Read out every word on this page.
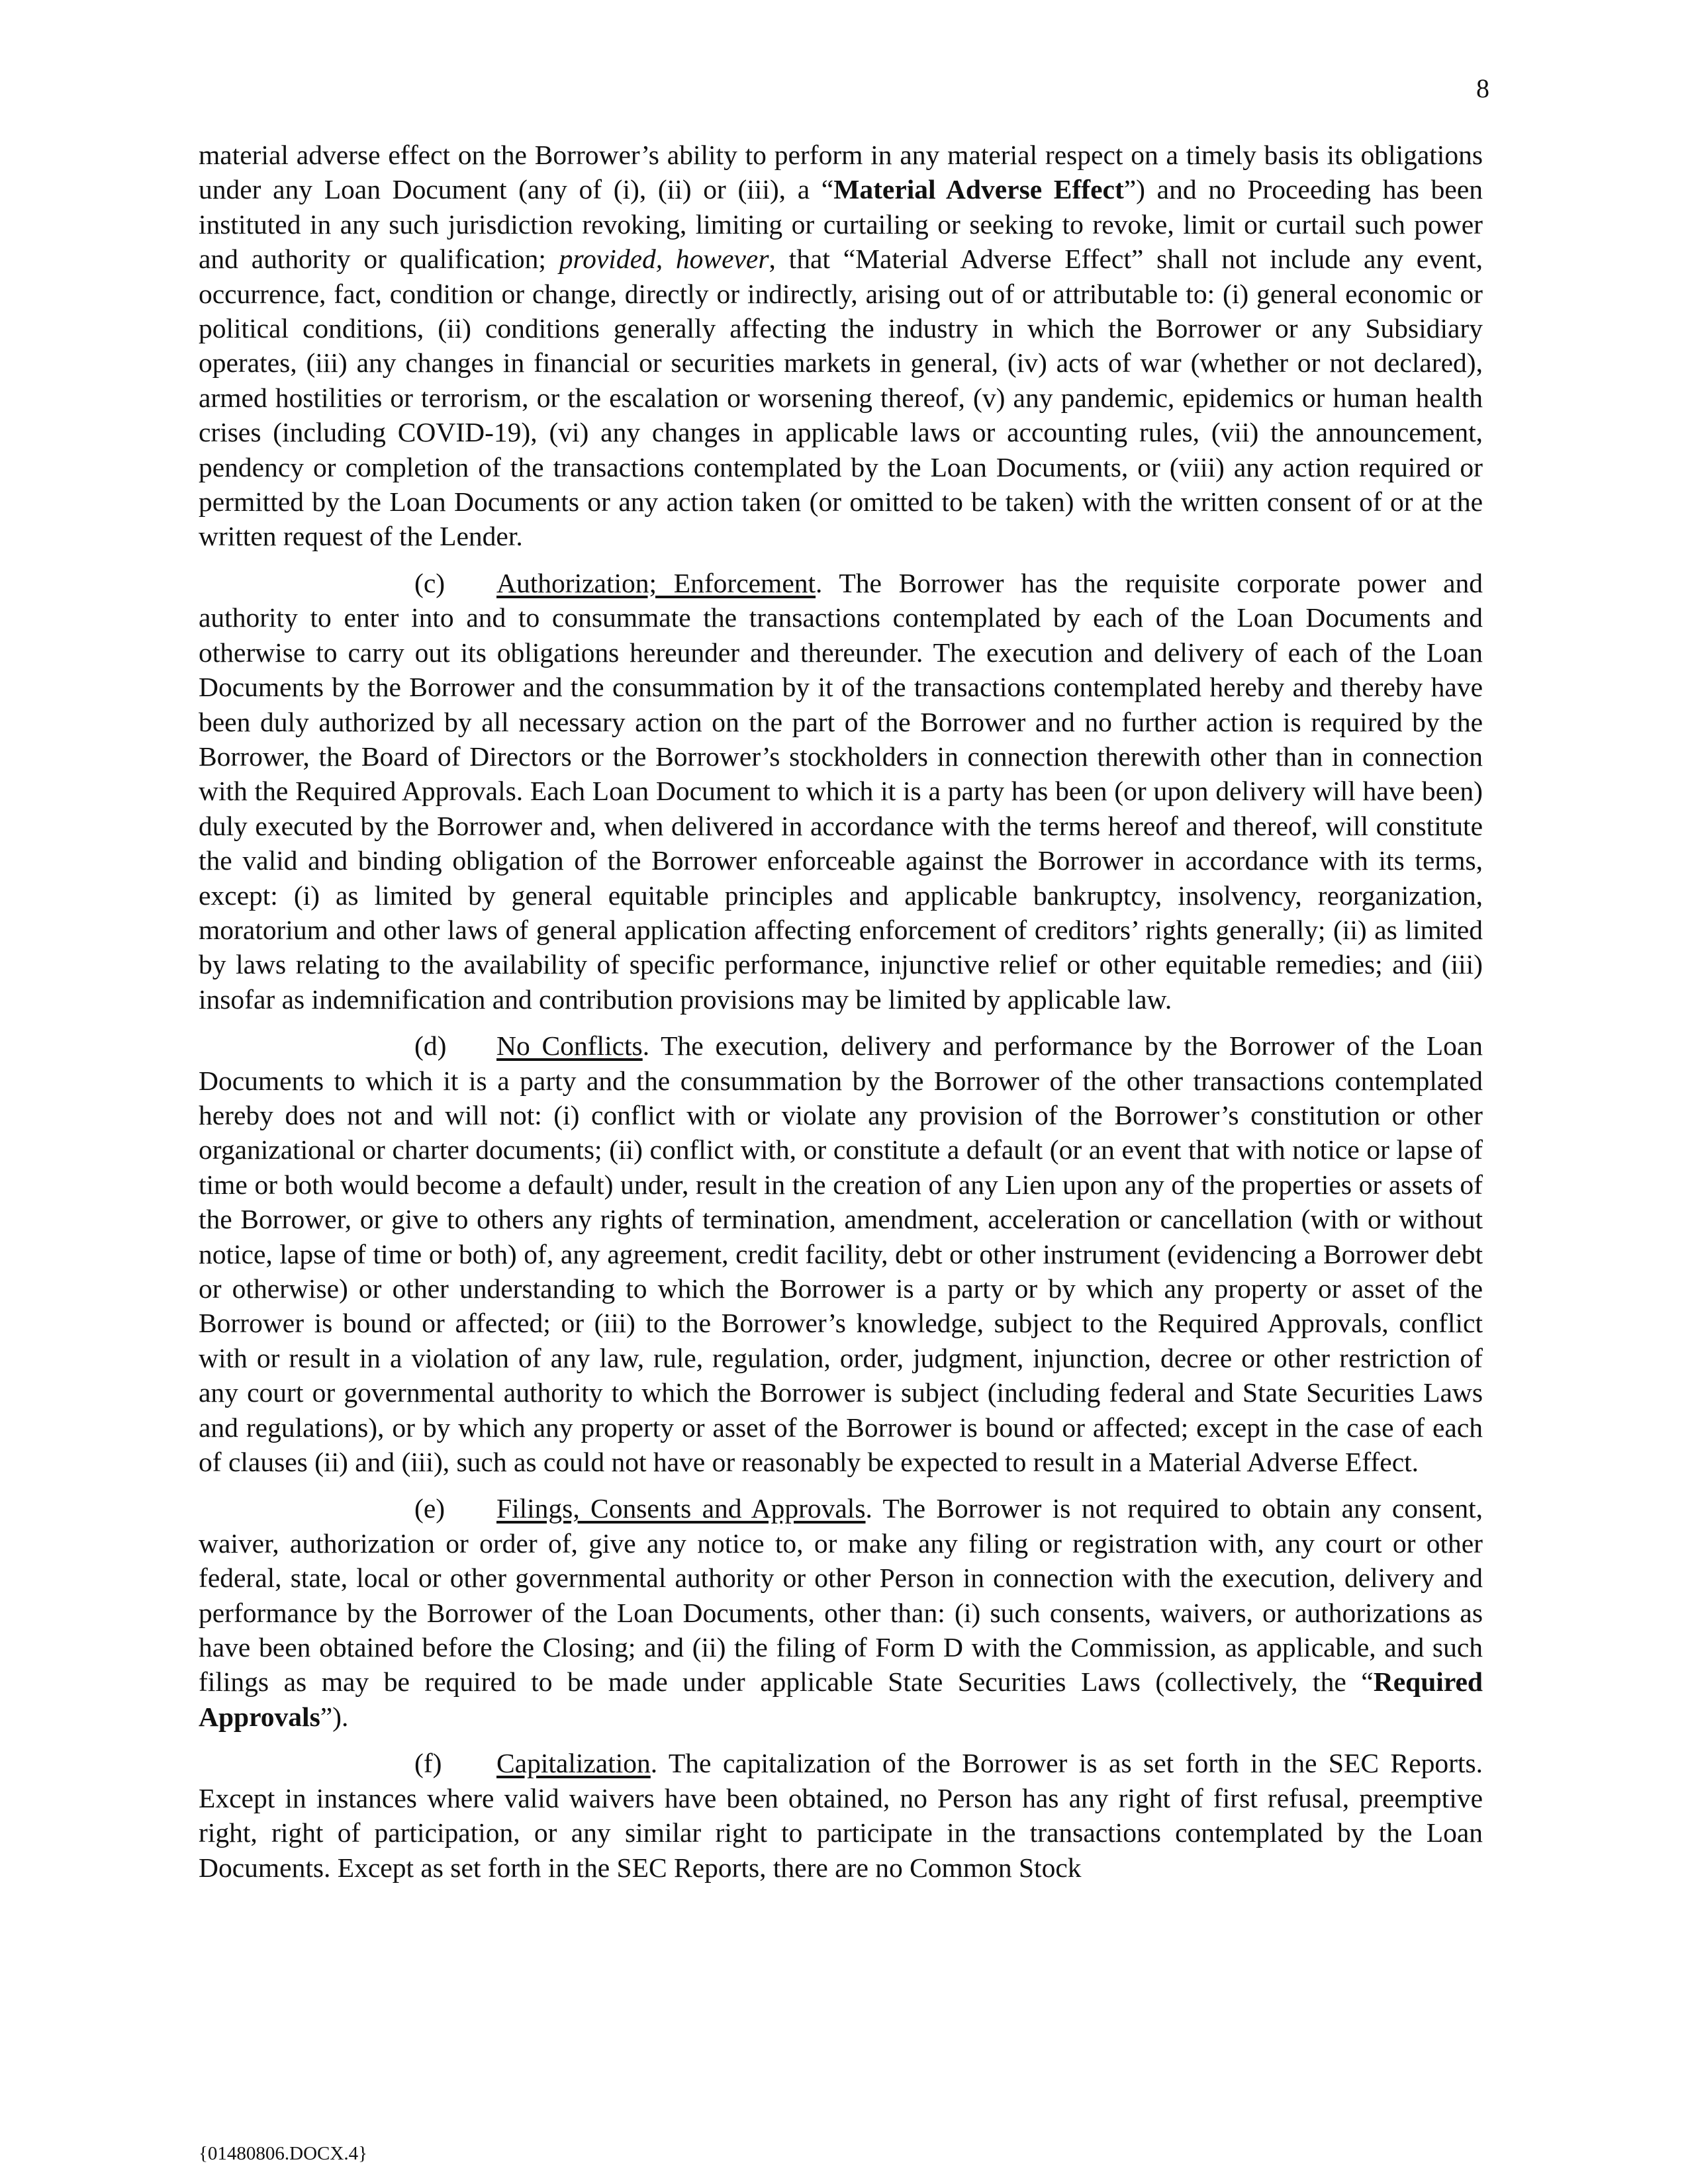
8

material adverse effect on the Borrower’s ability to perform in any material respect on a timely basis its obligations under any Loan Document (any of (i), (ii) or (iii), a “Material Adverse Effect”) and no Proceeding has been instituted in any such jurisdiction revoking, limiting or curtailing or seeking to revoke, limit or curtail such power and authority or qualification; provided, however, that “Material Adverse Effect” shall not include any event, occurrence, fact, condition or change, directly or indirectly, arising out of or attributable to: (i) general economic or political conditions, (ii) conditions generally affecting the industry in which the Borrower or any Subsidiary operates, (iii) any changes in financial or securities markets in general, (iv) acts of war (whether or not declared), armed hostilities or terrorism, or the escalation or worsening thereof, (v) any pandemic, epidemics or human health crises (including COVID-19), (vi) any changes in applicable laws or accounting rules, (vii) the announcement, pendency or completion of the transactions contemplated by the Loan Documents, or (viii) any action required or permitted by the Loan Documents or any action taken (or omitted to be taken) with the written consent of or at the written request of the Lender.

(c) Authorization; Enforcement. The Borrower has the requisite corporate power and authority to enter into and to consummate the transactions contemplated by each of the Loan Documents and otherwise to carry out its obligations hereunder and thereunder. The execution and delivery of each of the Loan Documents by the Borrower and the consummation by it of the transactions contemplated hereby and thereby have been duly authorized by all necessary action on the part of the Borrower and no further action is required by the Borrower, the Board of Directors or the Borrower’s stockholders in connection therewith other than in connection with the Required Approvals. Each Loan Document to which it is a party has been (or upon delivery will have been) duly executed by the Borrower and, when delivered in accordance with the terms hereof and thereof, will constitute the valid and binding obligation of the Borrower enforceable against the Borrower in accordance with its terms, except: (i) as limited by general equitable principles and applicable bankruptcy, insolvency, reorganization, moratorium and other laws of general application affecting enforcement of creditors’ rights generally; (ii) as limited by laws relating to the availability of specific performance, injunctive relief or other equitable remedies; and (iii) insofar as indemnification and contribution provisions may be limited by applicable law.

(d) No Conflicts. The execution, delivery and performance by the Borrower of the Loan Documents to which it is a party and the consummation by the Borrower of the other transactions contemplated hereby does not and will not: (i) conflict with or violate any provision of the Borrower’s constitution or other organizational or charter documents; (ii) conflict with, or constitute a default (or an event that with notice or lapse of time or both would become a default) under, result in the creation of any Lien upon any of the properties or assets of the Borrower, or give to others any rights of termination, amendment, acceleration or cancellation (with or without notice, lapse of time or both) of, any agreement, credit facility, debt or other instrument (evidencing a Borrower debt or otherwise) or other understanding to which the Borrower is a party or by which any property or asset of the Borrower is bound or affected; or (iii) to the Borrower’s knowledge, subject to the Required Approvals, conflict with or result in a violation of any law, rule, regulation, order, judgment, injunction, decree or other restriction of any court or governmental authority to which the Borrower is subject (including federal and State Securities Laws and regulations), or by which any property or asset of the Borrower is bound or affected; except in the case of each of clauses (ii) and (iii), such as could not have or reasonably be expected to result in a Material Adverse Effect.

(e) Filings, Consents and Approvals. The Borrower is not required to obtain any consent, waiver, authorization or order of, give any notice to, or make any filing or registration with, any court or other federal, state, local or other governmental authority or other Person in connection with the execution, delivery and performance by the Borrower of the Loan Documents, other than: (i) such consents, waivers, or authorizations as have been obtained before the Closing; and (ii) the filing of Form D with the Commission, as applicable, and such filings as may be required to be made under applicable State Securities Laws (collectively, the “Required Approvals”).

(f) Capitalization. The capitalization of the Borrower is as set forth in the SEC Reports. Except in instances where valid waivers have been obtained, no Person has any right of first refusal, preemptive right, right of participation, or any similar right to participate in the transactions contemplated by the Loan Documents. Except as set forth in the SEC Reports, there are no Common Stock

{01480806.DOCX.4}
